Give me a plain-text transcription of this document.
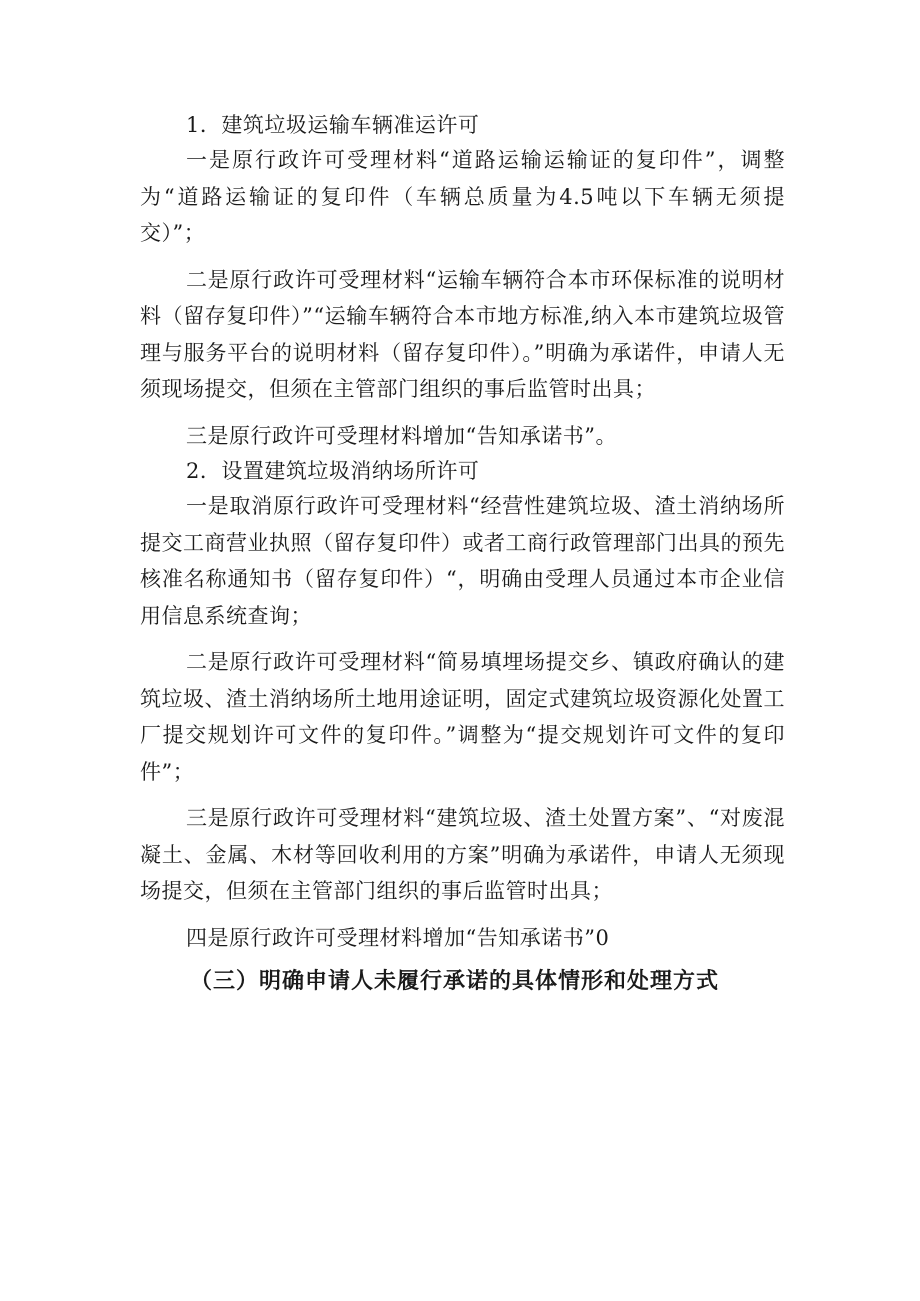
1．建筑垃圾运输车辆准运许可

一是原行政许可受理材料“道路运输运输证的复印件”，调整为“道路运输证的复印件（车辆总质量为4.5吨以下车辆无须提交）”；

二是原行政许可受理材料“运输车辆符合本市环保标准的说明材料（留存复印件）”“运输车辆符合本市地方标准,纳入本市建筑垃圾管理与服务平台的说明材料（留存复印件）。”明确为承诺件，申请人无须现场提交，但须在主管部门组织的事后监管时出具；

三是原行政许可受理材料增加“告知承诺书”。

2．设置建筑垃圾消纳场所许可

一是取消原行政许可受理材料“经营性建筑垃圾、渣土消纳场所提交工商营业执照（留存复印件）或者工商行政管理部门出具的预先核准名称通知书（留存复印件）“，明确由受理人员通过本市企业信用信息系统查询；

二是原行政许可受理材料“简易填埋场提交乡、镇政府确认的建筑垃圾、渣土消纳场所土地用途证明，固定式建筑垃圾资源化处置工厂提交规划许可文件的复印件。”调整为“提交规划许可文件的复印件”；

三是原行政许可受理材料“建筑垃圾、渣土处置方案”、“对废混凝土、金属、木材等回收利用的方案”明确为承诺件，申请人无须现场提交，但须在主管部门组织的事后监管时出具；

四是原行政许可受理材料增加“告知承诺书”0

（三）明确申请人未履行承诺的具体情形和处理方式
